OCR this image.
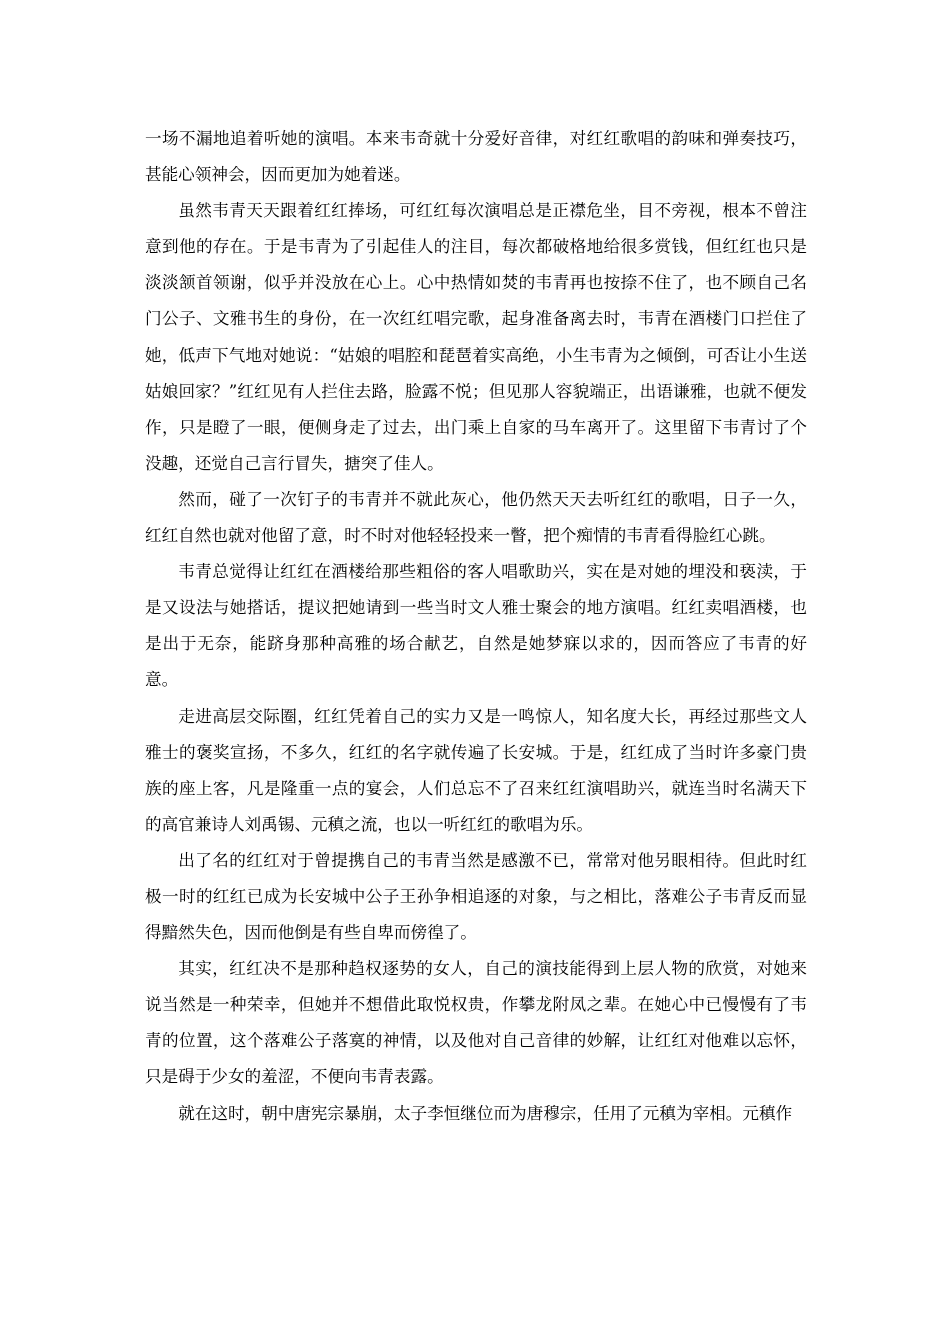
一场不漏地追着听她的演唱。本来韦奇就十分爱好音律，对红红歌唱的韵味和弹奏技巧，甚能心领神会，因而更加为她着迷。

虽然韦青天天跟着红红捧场，可红红每次演唱总是正襟危坐，目不旁视，根本不曾注意到他的存在。于是韦青为了引起佳人的注目，每次都破格地给很多赏钱，但红红也只是淡淡颔首领谢，似乎并没放在心上。心中热情如焚的韦青再也按捺不住了，也不顾自己名门公子、文雅书生的身份，在一次红红唱完歌，起身准备离去时，韦青在酒楼门口拦住了她，低声下气地对她说：“姑娘的唱腔和琵琶着实高绝，小生韦青为之倾倒，可否让小生送姑娘回家？”红红见有人拦住去路，脸露不悦；但见那人容貌端正，出语谦雅，也就不便发作，只是瞪了一眼，便侧身走了过去，出门乘上自家的马车离开了。这里留下韦青讨了个没趣，还觉自己言行冒失，搪突了佳人。

然而，碰了一次钉子的韦青并不就此灰心，他仍然天天去听红红的歌唱，日子一久，红红自然也就对他留了意，时不时对他轻轻投来一瞥，把个痴情的韦青看得脸红心跳。

韦青总觉得让红红在酒楼给那些粗俗的客人唱歌助兴，实在是对她的埋没和亵渎，于是又设法与她搭话，提议把她请到一些当时文人雅士聚会的地方演唱。红红卖唱酒楼，也是出于无奈，能跻身那种高雅的场合献艺，自然是她梦寐以求的，因而答应了韦青的好意。

走进高层交际圈，红红凭着自己的实力又是一鸣惊人，知名度大长，再经过那些文人雅士的褒奖宣扬，不多久，红红的名字就传遍了长安城。于是，红红成了当时许多豪门贵族的座上客，凡是隆重一点的宴会，人们总忘不了召来红红演唱助兴，就连当时名满天下的高官兼诗人刘禹锡、元稹之流，也以一听红红的歌唱为乐。

出了名的红红对于曾提携自己的韦青当然是感激不已，常常对他另眼相待。但此时红极一时的红红已成为长安城中公子王孙争相追逐的对象，与之相比，落难公子韦青反而显得黯然失色，因而他倒是有些自卑而傍徨了。

其实，红红决不是那种趋权逐势的女人，自己的演技能得到上层人物的欣赏，对她来说当然是一种荣幸，但她并不想借此取悦权贵，作攀龙附凤之辈。在她心中已慢慢有了韦青的位置，这个落难公子落寞的神情，以及他对自己音律的妙解，让红红对他难以忘怀，只是碍于少女的羞涩，不便向韦青表露。

就在这时，朝中唐宪宗暴崩，太子李恒继位而为唐穆宗，任用了元稹为宰相。元稹作
